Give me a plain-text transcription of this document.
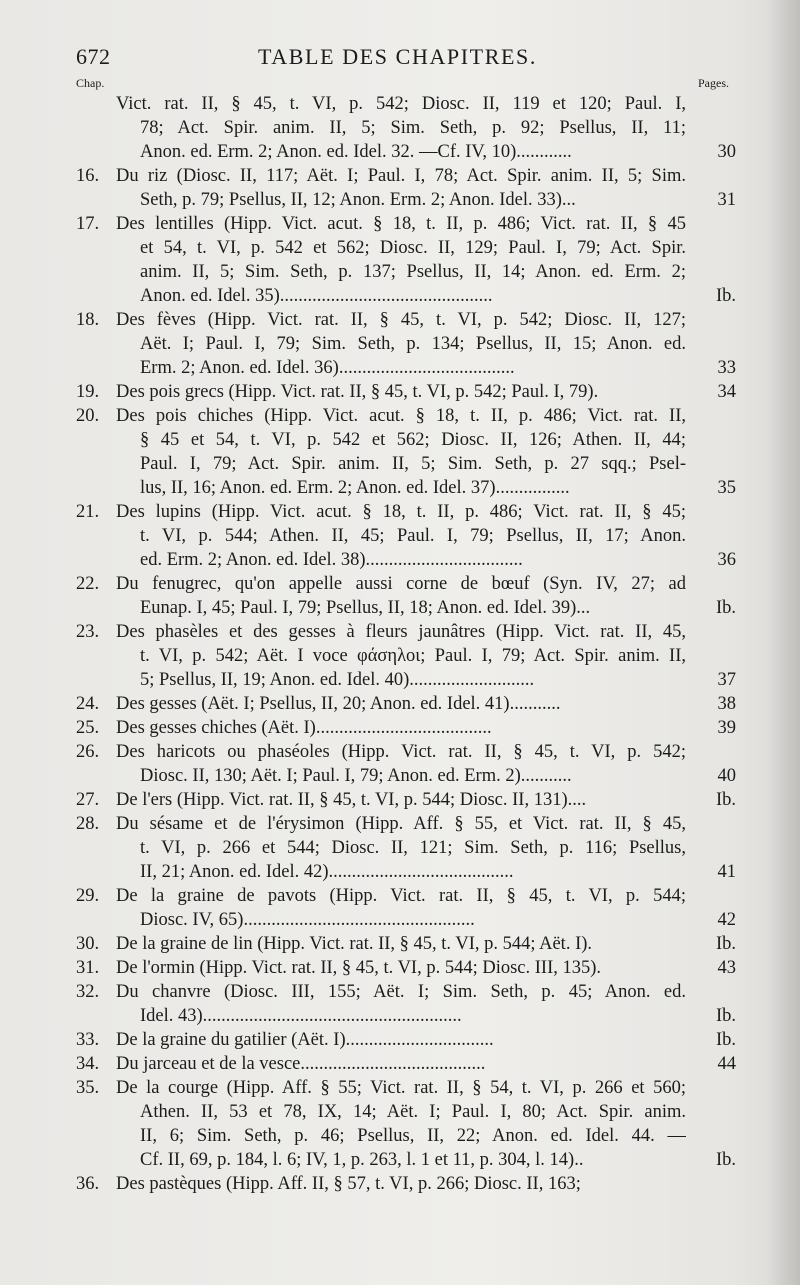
672	TABLE DES CHAPITRES.
Chap.	Pages.
Vict. rat. II, § 45, t. VI, p. 542; Diosc. II, 119 et 120; Paul. I,
78; Act. Spir. anim. II, 5; Sim. Seth, p. 92; Psellus, II, 11;
Anon. ed. Erm. 2; Anon. ed. Idel. 32. —Cf. IV, 10)............	30
16. Du riz (Diosc. II, 117; Aët. I; Paul. I, 78; Act. Spir. anim. II, 5; Sim.
Seth, p. 79; Psellus, II, 12; Anon. Erm. 2; Anon. Idel. 33)...	31
17. Des lentilles (Hipp. Vict. acut. § 18, t. II, p. 486; Vict. rat. II, § 45
et 54, t. VI, p. 542 et 562; Diosc. II, 129; Paul. I, 79; Act. Spir.
anim. II, 5; Sim. Seth, p. 137; Psellus, II, 14; Anon. ed. Erm. 2;
Anon. ed. Idel. 35)..............................................	Ib.
18. Des fèves (Hipp. Vict. rat. II, § 45, t. VI, p. 542; Diosc. II, 127;
Aët. I; Paul. I, 79; Sim. Seth, p. 134; Psellus, II, 15; Anon. ed.
Erm. 2; Anon. ed. Idel. 36)......................................	33
19. Des pois grecs (Hipp. Vict. rat. II, § 45, t. VI, p. 542; Paul. I, 79).	34
20. Des pois chiches (Hipp. Vict. acut. § 18, t. II, p. 486; Vict. rat. II,
§ 45 et 54, t. VI, p. 542 et 562; Diosc. II, 126; Athen. II, 44;
Paul. I, 79; Act. Spir. anim. II, 5; Sim. Seth, p. 27 sqq.; Psel-
lus, II, 16; Anon. ed. Erm. 2; Anon. ed. Idel. 37)................	35
21. Des lupins (Hipp. Vict. acut. § 18, t. II, p. 486; Vict. rat. II, § 45;
t. VI, p. 544; Athen. II, 45; Paul. I, 79; Psellus, II, 17; Anon.
ed. Erm. 2; Anon. ed. Idel. 38)..................................	36
22. Du fenugrec, qu'on appelle aussi corne de bœuf (Syn. IV, 27; ad
Eunap. I, 45; Paul. I, 79; Psellus, II, 18; Anon. ed. Idel. 39)...	Ib.
23. Des phasèles et des gesses à fleurs jaunâtres (Hipp. Vict. rat. II, 45,
t. VI, p. 542; Aët. I voce φάσηλοι; Paul. I, 79; Act. Spir. anim. II,
5; Psellus, II, 19; Anon. ed. Idel. 40)...........................	37
24. Des gesses (Aët. I; Psellus, II, 20; Anon. ed. Idel. 41)...........	38
25. Des gesses chiches (Aët. I)......................................	39
26. Des haricots ou phaséoles (Hipp. Vict. rat. II, § 45, t. VI, p. 542;
Diosc. II, 130; Aët. I; Paul. I, 79; Anon. ed. Erm. 2)...........	40
27. De l'ers (Hipp. Vict. rat. II, § 45, t. VI, p. 544; Diosc. II, 131)....	Ib.
28. Du sésame et de l'érysimon (Hipp. Aff. § 55, et Vict. rat. II, § 45,
t. VI, p. 266 et 544; Diosc. II, 121; Sim. Seth, p. 116; Psellus,
II, 21; Anon. ed. Idel. 42)........................................	41
29. De la graine de pavots (Hipp. Vict. rat. II, § 45, t. VI, p. 544;
Diosc. IV, 65)..................................................	42
30. De la graine de lin (Hipp. Vict. rat. II, § 45, t. VI, p. 544; Aët. I).	Ib.
31. De l'ormin (Hipp. Vict. rat. II, § 45, t. VI, p. 544; Diosc. III, 135).	43
32. Du chanvre (Diosc. III, 155; Aët. I; Sim. Seth, p. 45; Anon. ed.
Idel. 43)........................................................	Ib.
33. De la graine du gatilier (Aët. I)................................	Ib.
34. Du jarceau et de la vesce........................................	44
35. De la courge (Hipp. Aff. § 55; Vict. rat. II, § 54, t. VI, p. 266 et 560;
Athen. II, 53 et 78, IX, 14; Aët. I; Paul. I, 80; Act. Spir. anim.
II, 6; Sim. Seth, p. 46; Psellus, II, 22; Anon. ed. Idel. 44. —
Cf. II, 69, p. 184, l. 6; IV, 1, p. 263, l. 1 et 11, p. 304, l. 14)..	Ib.
36. Des pastèques (Hipp. Aff. II, § 57, t. VI, p. 266; Diosc. II, 163;
